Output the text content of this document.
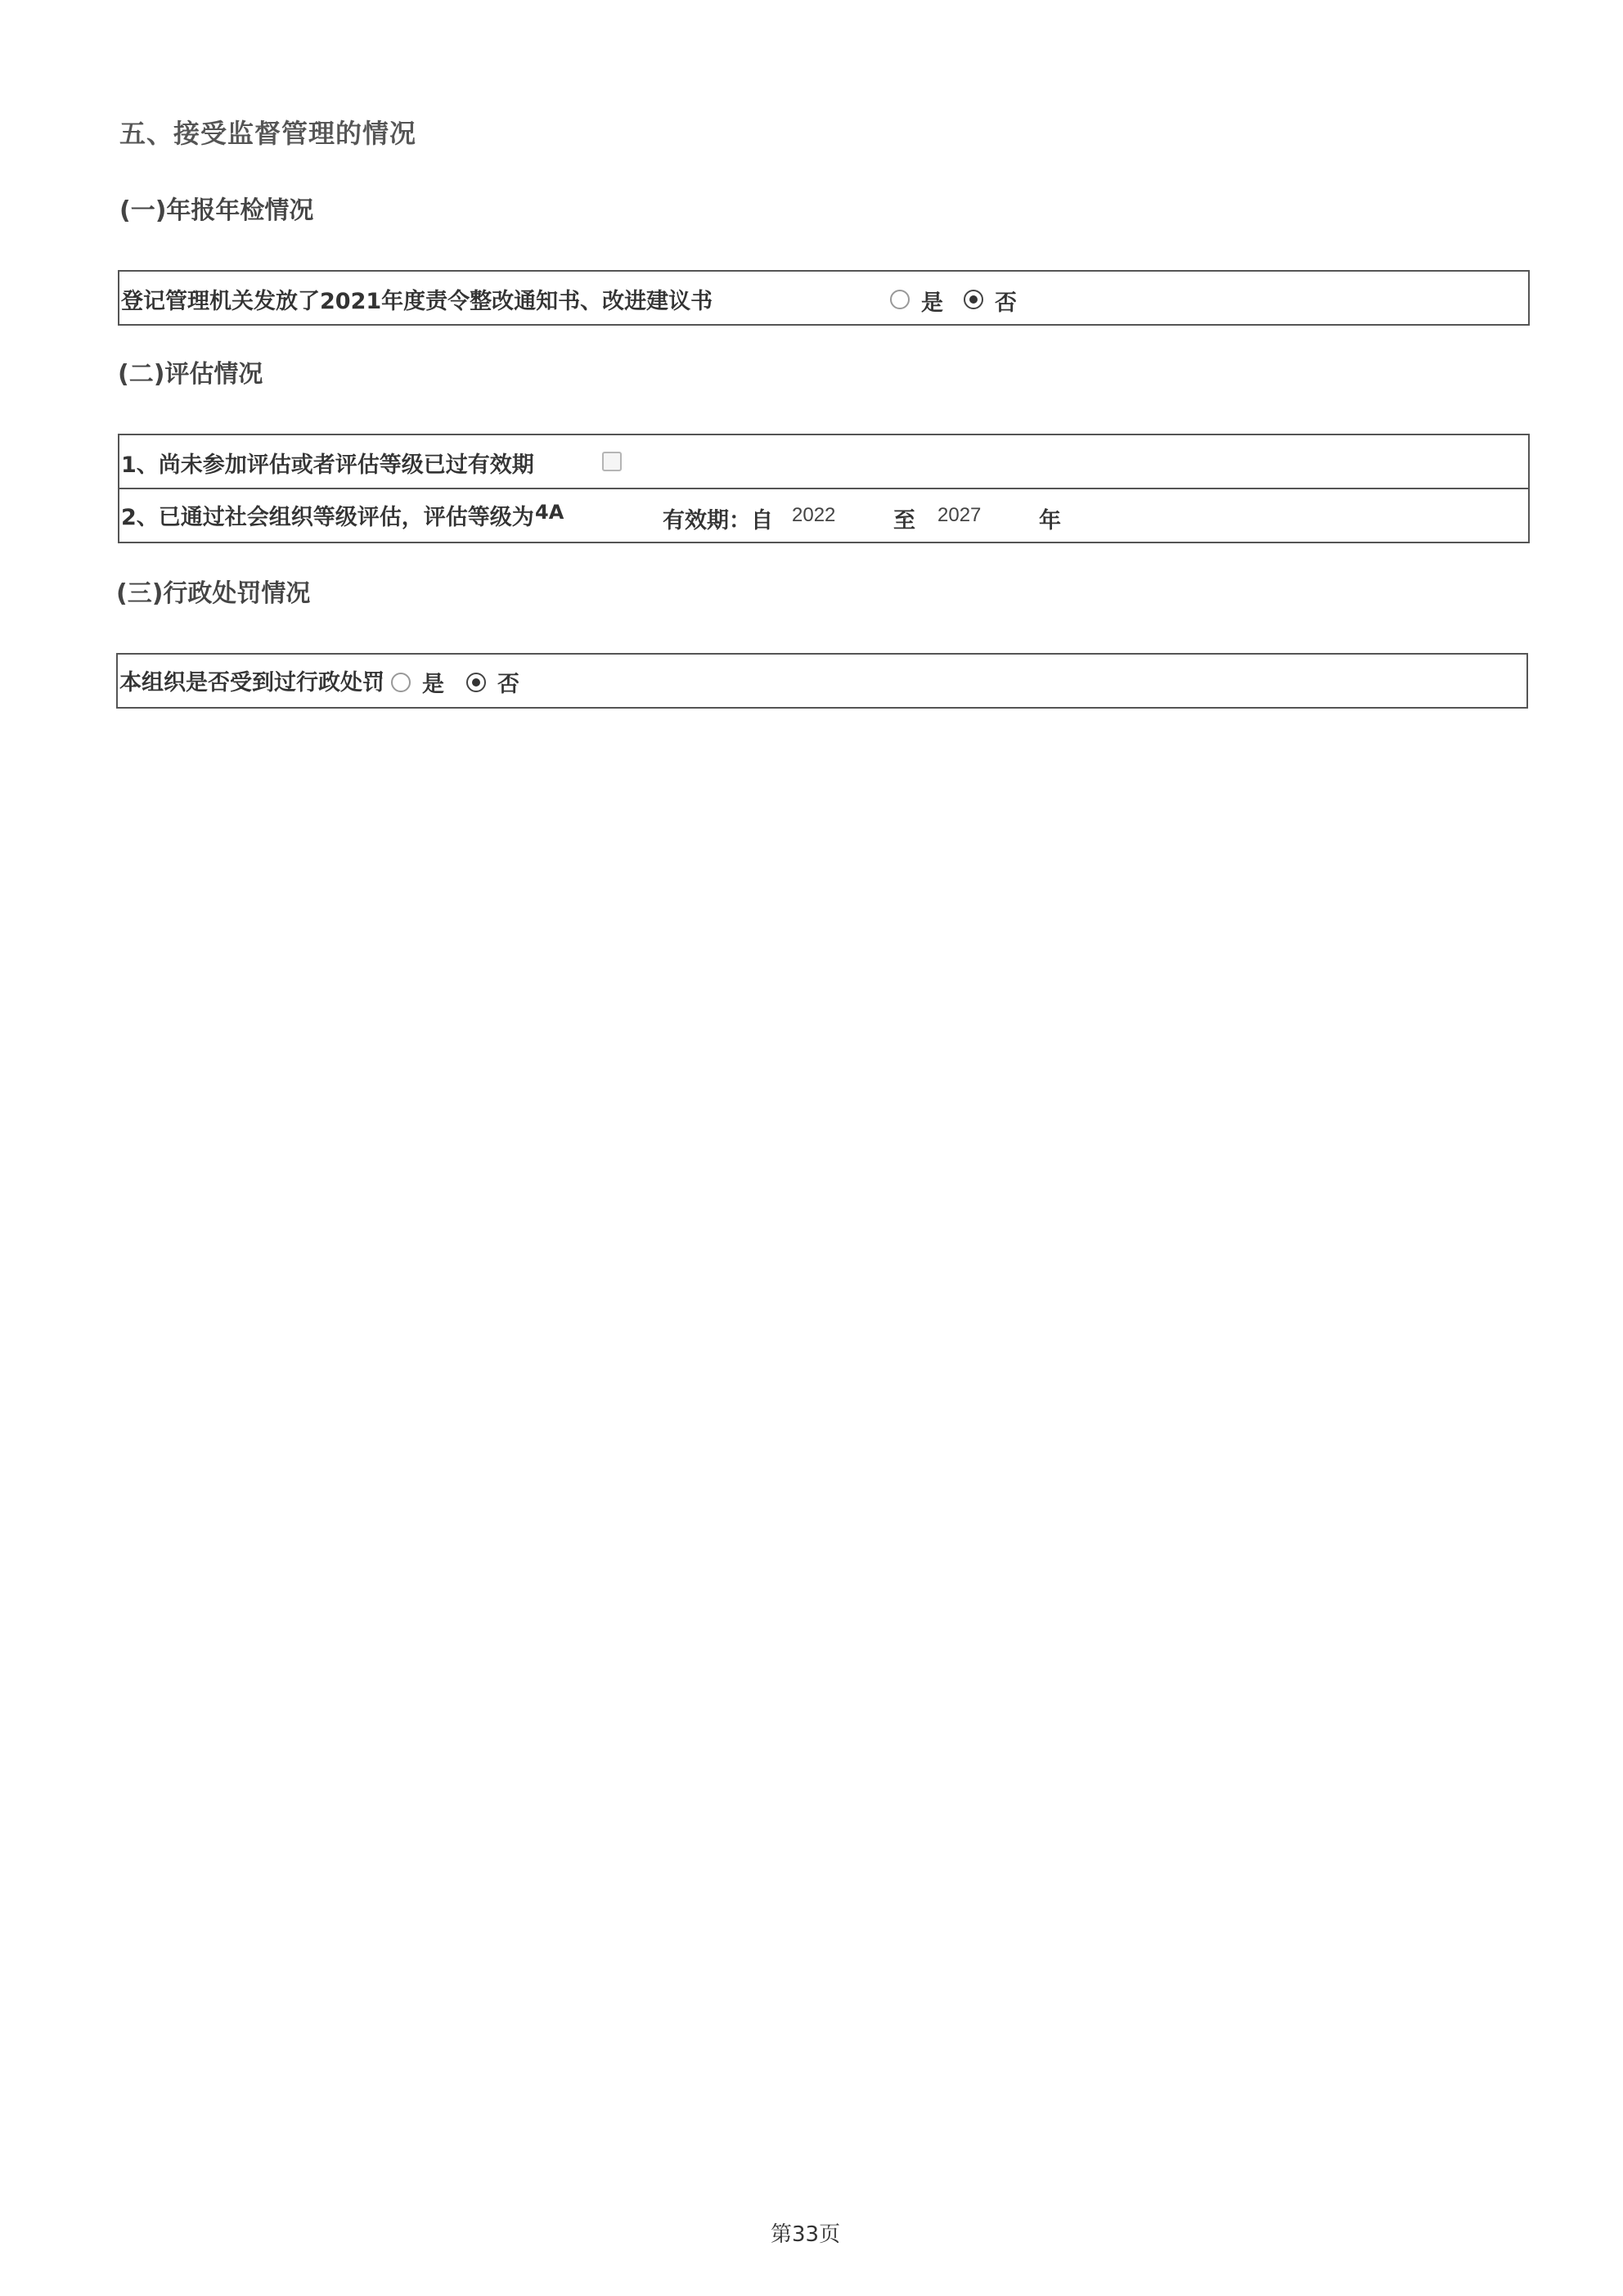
五、接受监督管理的情况
(一)年报年检情况
登记管理机关发放了2021年度责令整改通知书、改进建议书	是 否
(二)评估情况
1、尚未参加评估或者评估等级已过有效期
2、已通过社会组织等级评估，评估等级为 4A	有效期：自 2022	至 2027	年
(三)行政处罚情况
本组织是否受到过行政处罚 是 否
第33页
